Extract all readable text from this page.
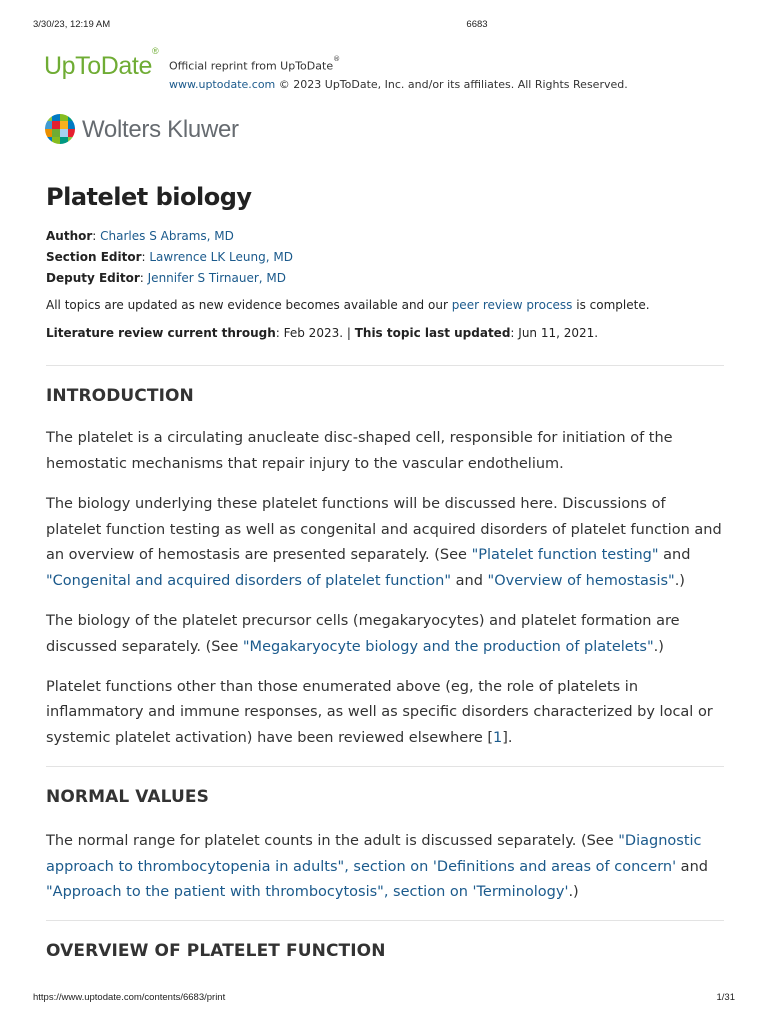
3/30/23, 12:19 AM	6683
UpToDate®
Official reprint from UpToDate®
www.uptodate.com © 2023 UpToDate, Inc. and/or its affiliates. All Rights Reserved.
Wolters Kluwer
Platelet biology
Author: Charles S Abrams, MD
Section Editor: Lawrence LK Leung, MD
Deputy Editor: Jennifer S Tirnauer, MD
All topics are updated as new evidence becomes available and our peer review process is complete.
Literature review current through: Feb 2023. | This topic last updated: Jun 11, 2021.
INTRODUCTION

The platelet is a circulating anucleate disc-shaped cell, responsible for initiation of the hemostatic mechanisms that repair injury to the vascular endothelium.

The biology underlying these platelet functions will be discussed here. Discussions of platelet function testing as well as congenital and acquired disorders of platelet function and an overview of hemostasis are presented separately. (See "Platelet function testing" and "Congenital and acquired disorders of platelet function" and "Overview of hemostasis".)

The biology of the platelet precursor cells (megakaryocytes) and platelet formation are discussed separately. (See "Megakaryocyte biology and the production of platelets".)

Platelet functions other than those enumerated above (eg, the role of platelets in inflammatory and immune responses, as well as specific disorders characterized by local or systemic platelet activation) have been reviewed elsewhere [1].

NORMAL VALUES

The normal range for platelet counts in the adult is discussed separately. (See "Diagnostic approach to thrombocytopenia in adults", section on 'Definitions and areas of concern' and "Approach to the patient with thrombocytosis", section on 'Terminology'.)

OVERVIEW OF PLATELET FUNCTION
https://www.uptodate.com/contents/6683/print	1/31
